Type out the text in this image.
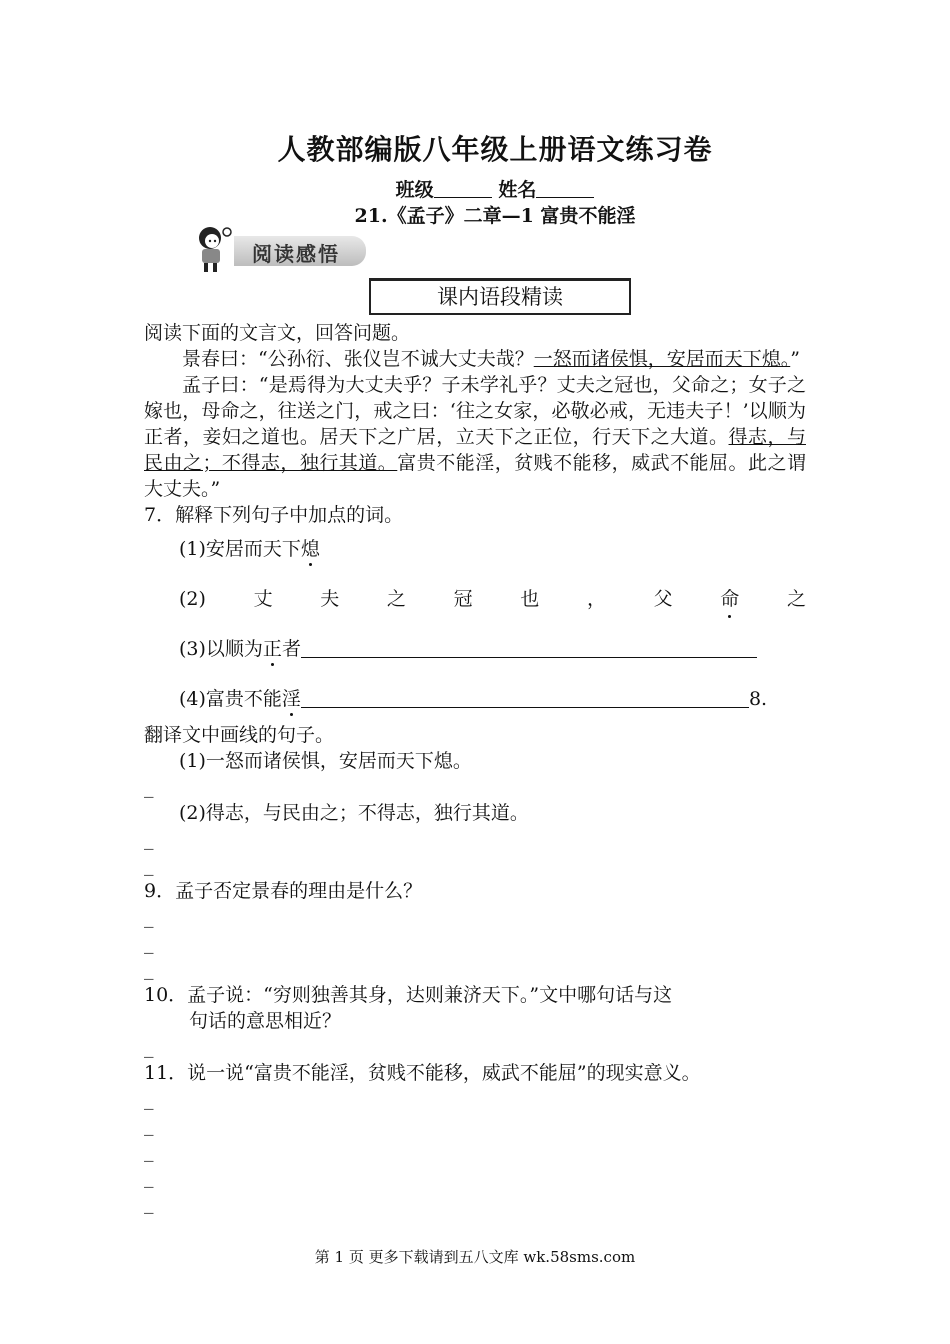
人教部编版八年级上册语文练习卷
班级	姓名
21.《孟子》二章—1 富贵不能淫
阅读感悟
课内语段精读

阅读下面的文言文，回答问题。

景春曰：“公孙衍、张仪岂不诚大丈夫哉？一怒而诸侯惧，安居而天下熄。”

孟子曰：“是焉得为大丈夫乎？子未学礼乎？丈夫之冠也，父命之；女子之嫁也，母命之，往送之门，戒之曰：‘往之女家，必敬必戒，无违夫子！’以顺为正者，妾妇之道也。居天下之广居，立天下之正位，行天下之大道。得志，与民由之；不得志，独行其道。富贵不能淫，贫贱不能移，威武不能屈。此之谓大丈夫。”

7．解释下列句子中加点的词。

(1)安居而天下熄

(2)	丈	夫	之	冠	也	，	父	命	之

(3)以顺为正者

(4)富贵不能淫	8.

翻译文中画线的句子。

(1)一怒而诸侯惧，安居而天下熄。

_

(2)得志，与民由之；不得志，独行其道。

_

_

9．孟子否定景春的理由是什么？

_

_

_

10．孟子说：“穷则独善其身，达则兼济天下。”文中哪句话与这

句话的意思相近？

_

11．说一说“富贵不能淫，贫贱不能移，威武不能屈”的现实意义。

_

_

_

_

_

第 1 页 更多下载请到五八文库 wk.58sms.com
